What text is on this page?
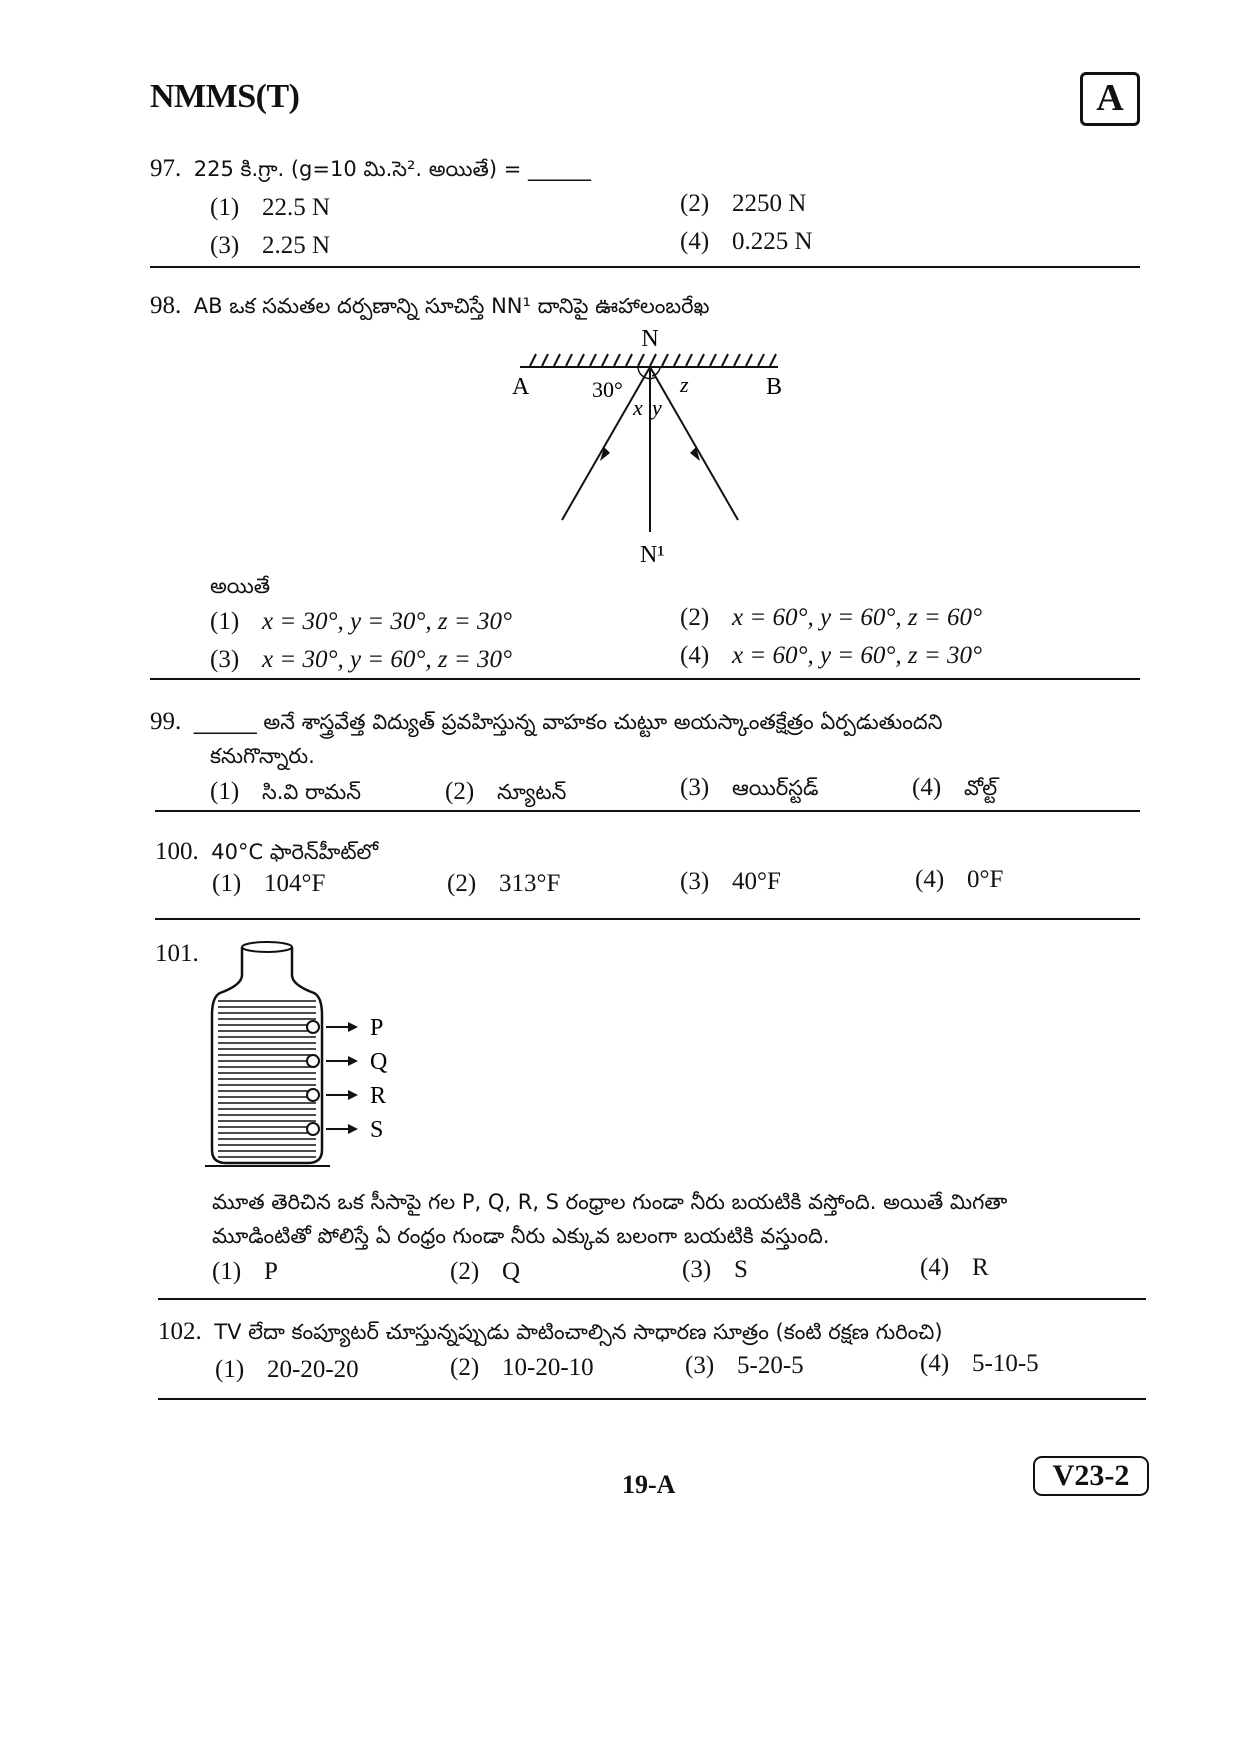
NMMS(T)	A
97. 225 కి.గ్రా. (g=10 మి.సె². అయితే) = ______
(1) 22.5 N	(2) 2250 N
(3) 2.25 N	(4) 0.225 N
98. AB ఒక సమతల దర్పణాన్ని సూచిస్తే NN¹ దానిపై ఊహాలంబరేఖ
N
A	B
30°	z
x y
N¹
అయితే
(1) x = 30°, y = 30°, z = 30°	(2) x = 60°, y = 60°, z = 60°
(3) x = 30°, y = 60°, z = 30°	(4) x = 60°, y = 60°, z = 30°
99. ______ అనే శాస్త్రవేత్త విద్యుత్ ప్రవహిస్తున్న వాహకం చుట్టూ అయస్కాంతక్షేత్రం ఏర్పడుతుందని
కనుగొన్నారు.
(1) సి.వి రామన్	(2) న్యూటన్	(3) ఆయిర్‌స్టడ్	(4) వోల్ట్
100. 40°C ఫారెన్‌హీట్‌లో
(1) 104°F	(2) 313°F	(3) 40°F	(4) 0°F
101.
P
Q
R
S
మూత తెరిచిన ఒక సీసాపై గల P, Q, R, S రంధ్రాల గుండా నీరు బయటికి వస్తోంది. అయితే మిగతా
మూడింటితో పోలిస్తే ఏ రంధ్రం గుండా నీరు ఎక్కువ బలంగా బయటికి వస్తుంది.
(1) P	(2) Q	(3) S	(4) R
102. TV లేదా కంప్యూటర్ చూస్తున్నప్పుడు పాటించాల్సిన సాధారణ సూత్రం (కంటి రక్షణ గురించి)
(1) 20-20-20	(2) 10-20-10	(3) 5-20-5	(4) 5-10-5
19-A	V23-2
